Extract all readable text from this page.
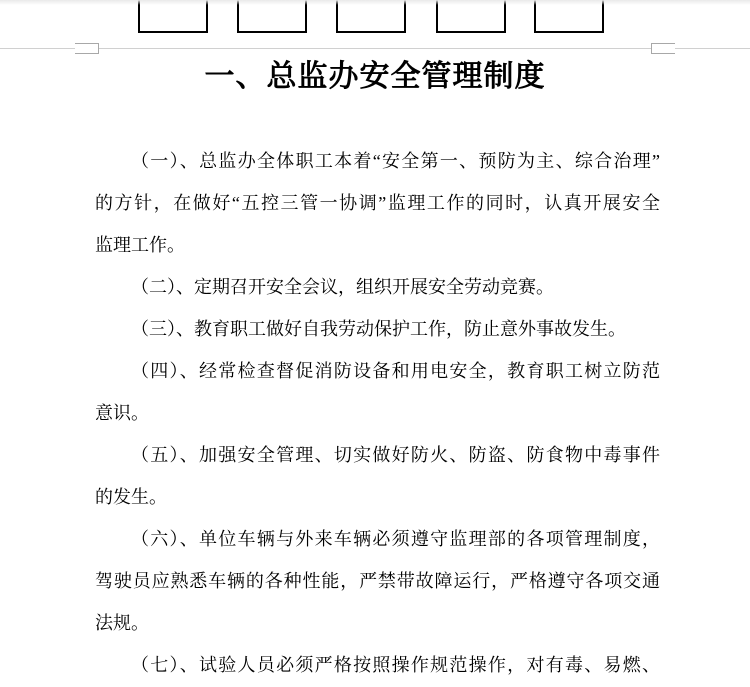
一、总监办安全管理制度
（一）、总监办全体职工本着“安全第一、预防为主、综合治理”
的方针，在做好“五控三管一协调”监理工作的同时，认真开展安全
监理工作。
（二）、定期召开安全会议，组织开展安全劳动竞赛。
（三）、教育职工做好自我劳动保护工作，防止意外事故发生。
（四）、经常检查督促消防设备和用电安全，教育职工树立防范
意识。
（五）、加强安全管理、切实做好防火、防盗、防食物中毒事件
的发生。
（六）、单位车辆与外来车辆必须遵守监理部的各项管理制度，
驾驶员应熟悉车辆的各种性能，严禁带故障运行，严格遵守各项交通
法规。
（七）、试验人员必须严格按照操作规范操作，对有毒、易燃、
